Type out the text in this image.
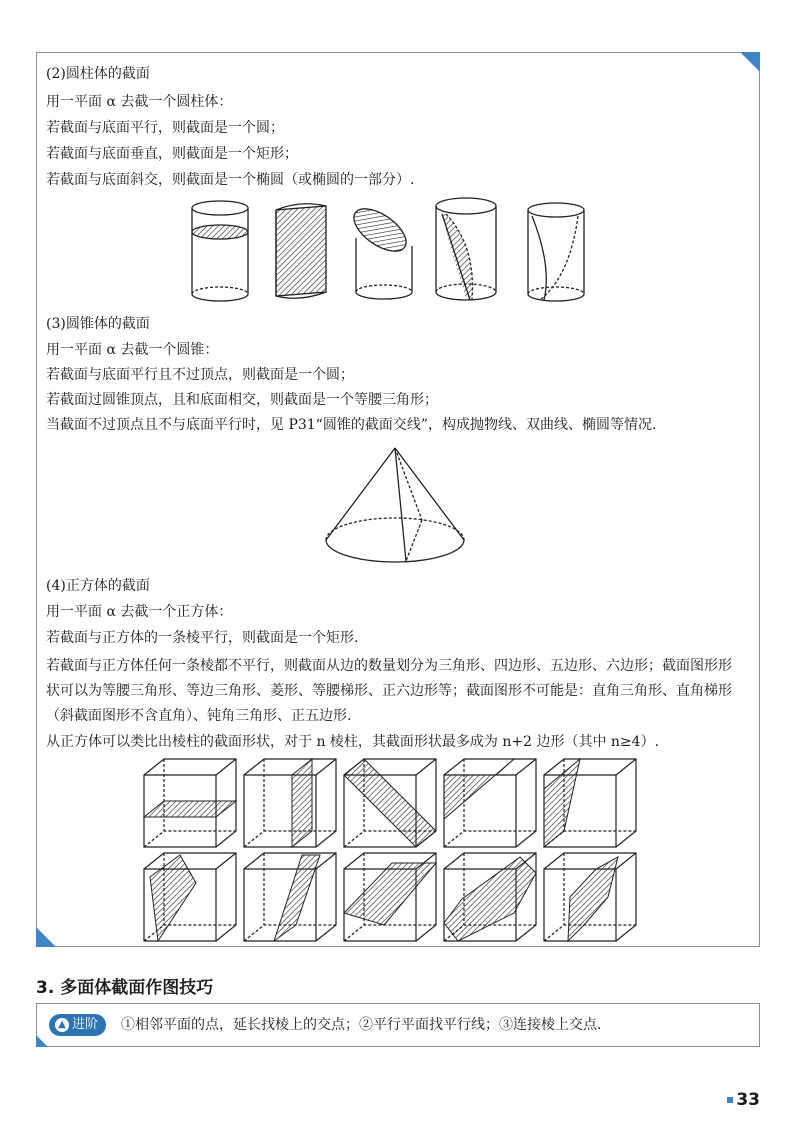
(2)圆柱体的截面
用一平面 α 去截一个圆柱体：
若截面与底面平行，则截面是一个圆；
若截面与底面垂直，则截面是一个矩形；
若截面与底面斜交，则截面是一个椭圆（或椭圆的一部分）.
(3)圆锥体的截面
用一平面 α 去截一个圆锥：
若截面与底面平行且不过顶点，则截面是一个圆；
若截面过圆锥顶点，且和底面相交，则截面是一个等腰三角形；
当截面不过顶点且不与底面平行时，见 P31“圆锥的截面交线”，构成抛物线、双曲线、椭圆等情况.
(4)正方体的截面
用一平面 α 去截一个正方体：
若截面与正方体的一条棱平行，则截面是一个矩形.
若截面与正方体任何一条棱都不平行，则截面从边的数量划分为三角形、四边形、五边形、六边形；截面图形形状可以为等腰三角形、等边三角形、菱形、等腰梯形、正六边形等；截面图形不可能是：直角三角形、直角梯形（斜截面图形不含直角）、钝角三角形、正五边形.
从正方体可以类比出棱柱的截面形状，对于 n 棱柱，其截面形状最多成为 n+2 边形（其中 n≥4）.
3. 多面体截面作图技巧
▲ 进阶 ①相邻平面的点，延长找棱上的交点；②平行平面找平行线；③连接棱上交点.
33
